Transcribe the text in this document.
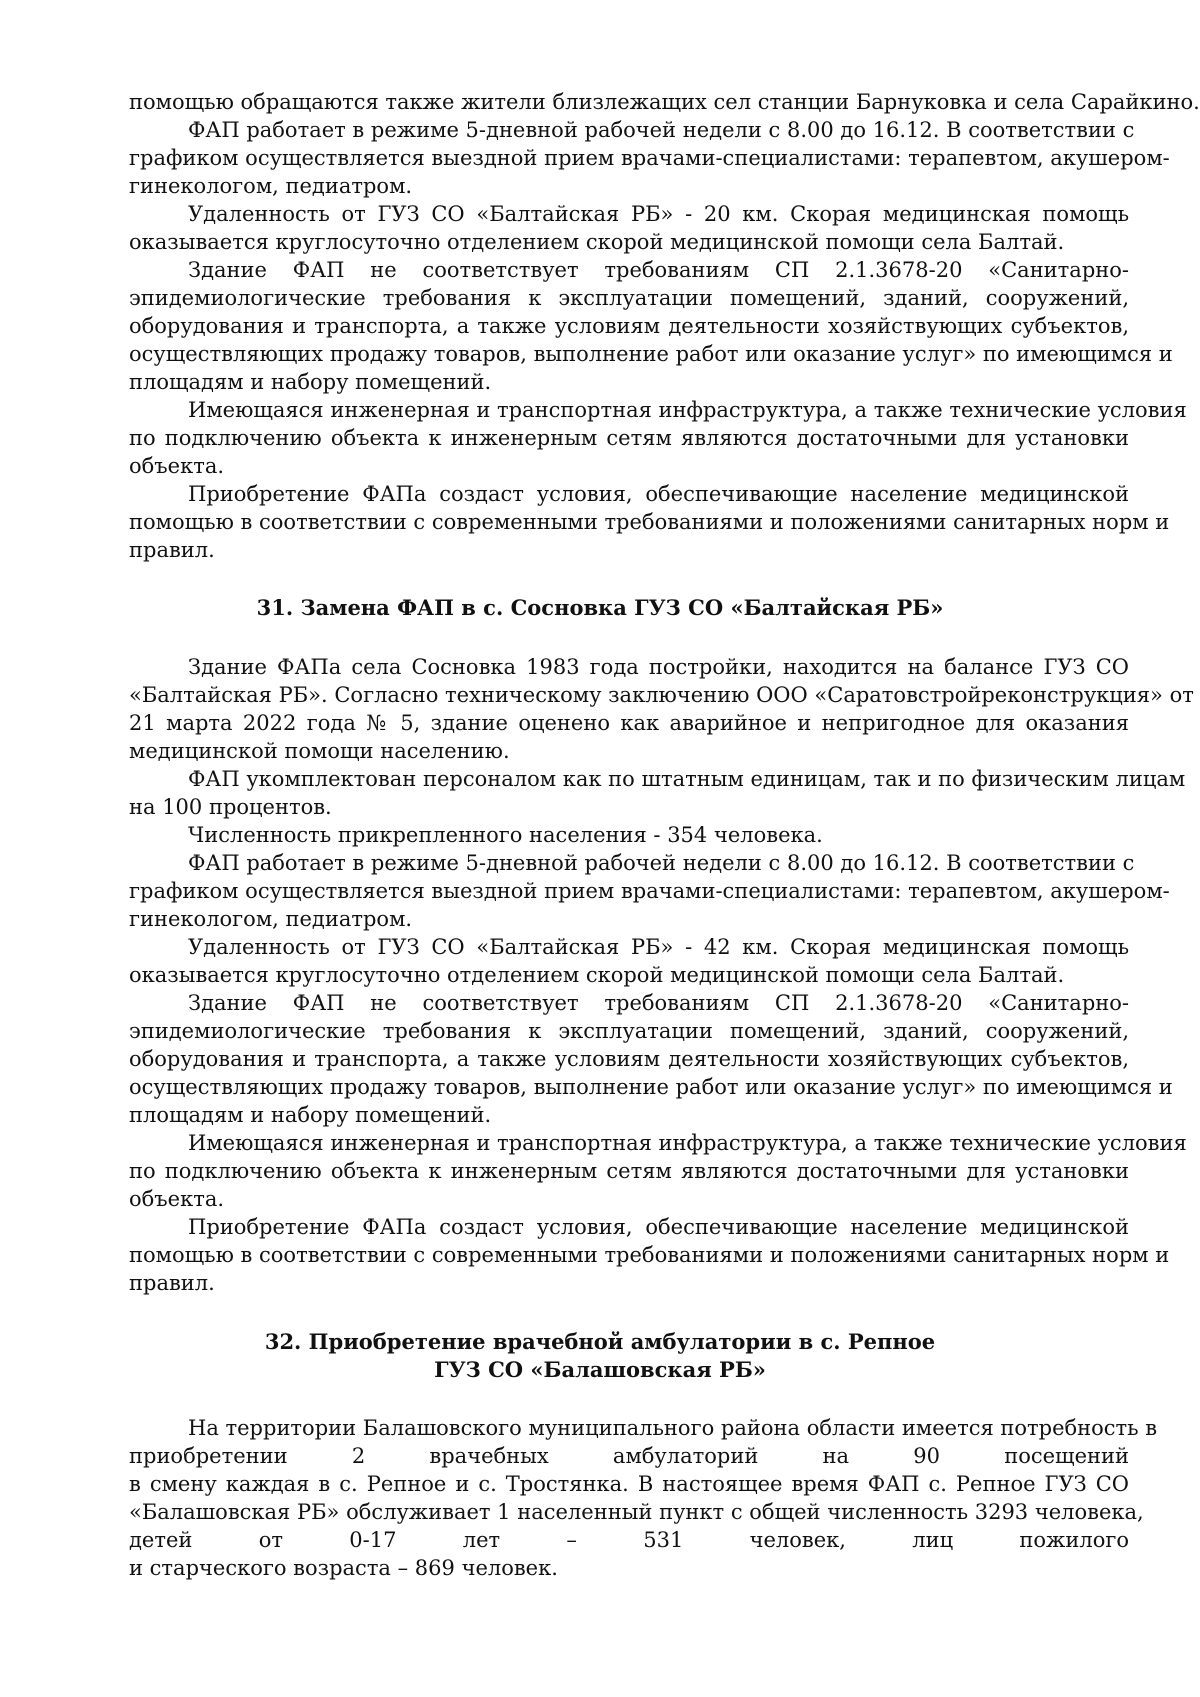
помощью обращаются также жители близлежащих сел станции Барнуковка и села Сарайкино.
ФАП работает в режиме 5-дневной рабочей недели с 8.00 до 16.12. В соответствии с
графиком осуществляется выездной прием врачами-специалистами: терапевтом, акушером-
гинекологом, педиатром.
Удаленность от ГУЗ СО «Балтайская РБ» - 20 км. Скорая медицинская помощь
оказывается круглосуточно отделением скорой медицинской помощи села Балтай.
Здание ФАП не соответствует требованиям СП 2.1.3678-20 «Санитарно-
эпидемиологические требования к эксплуатации помещений, зданий, сооружений,
оборудования и транспорта, а также условиям деятельности хозяйствующих субъектов,
осуществляющих продажу товаров, выполнение работ или оказание услуг» по имеющимся и
площадям и набору помещений.
Имеющаяся инженерная и транспортная инфраструктура, а также технические условия
по подключению объекта к инженерным сетям являются достаточными для установки
объекта.
Приобретение ФАПа создаст условия, обеспечивающие население медицинской
помощью в соответствии с современными требованиями и положениями санитарных норм и
правил.
31. Замена ФАП в с. Сосновка ГУЗ СО «Балтайская РБ»
Здание ФАПа села Сосновка 1983 года постройки, находится на балансе ГУЗ СО
«Балтайская РБ». Согласно техническому заключению ООО «Саратовстройреконструкция» от
21 марта 2022 года № 5, здание оценено как аварийное и непригодное для оказания
медицинской помощи населению.
ФАП укомплектован персоналом как по штатным единицам, так и по физическим лицам
на 100 процентов.
Численность прикрепленного населения - 354 человека.
ФАП работает в режиме 5-дневной рабочей недели с 8.00 до 16.12. В соответствии с
графиком осуществляется выездной прием врачами-специалистами: терапевтом, акушером-
гинекологом, педиатром.
Удаленность от ГУЗ СО «Балтайская РБ» - 42 км. Скорая медицинская помощь
оказывается круглосуточно отделением скорой медицинской помощи села Балтай.
Здание ФАП не соответствует требованиям СП 2.1.3678-20 «Санитарно-
эпидемиологические требования к эксплуатации помещений, зданий, сооружений,
оборудования и транспорта, а также условиям деятельности хозяйствующих субъектов,
осуществляющих продажу товаров, выполнение работ или оказание услуг» по имеющимся и
площадям и набору помещений.
Имеющаяся инженерная и транспортная инфраструктура, а также технические условия
по подключению объекта к инженерным сетям являются достаточными для установки
объекта.
Приобретение ФАПа создаст условия, обеспечивающие население медицинской
помощью в соответствии с современными требованиями и положениями санитарных норм и
правил.
32. Приобретение врачебной амбулатории в с. Репное
ГУЗ СО «Балашовская РБ»
На территории Балашовского муниципального района области имеется потребность в
приобретении 2 врачебных амбулаторий на 90 посещений
в смену каждая в с. Репное и с. Тростянка. В настоящее время ФАП с. Репное ГУЗ СО
«Балашовская РБ» обслуживает 1 населенный пункт с общей численность 3293 человека,
детей от 0-17 лет – 531 человек, лиц пожилого
и старческого возраста – 869 человек.
